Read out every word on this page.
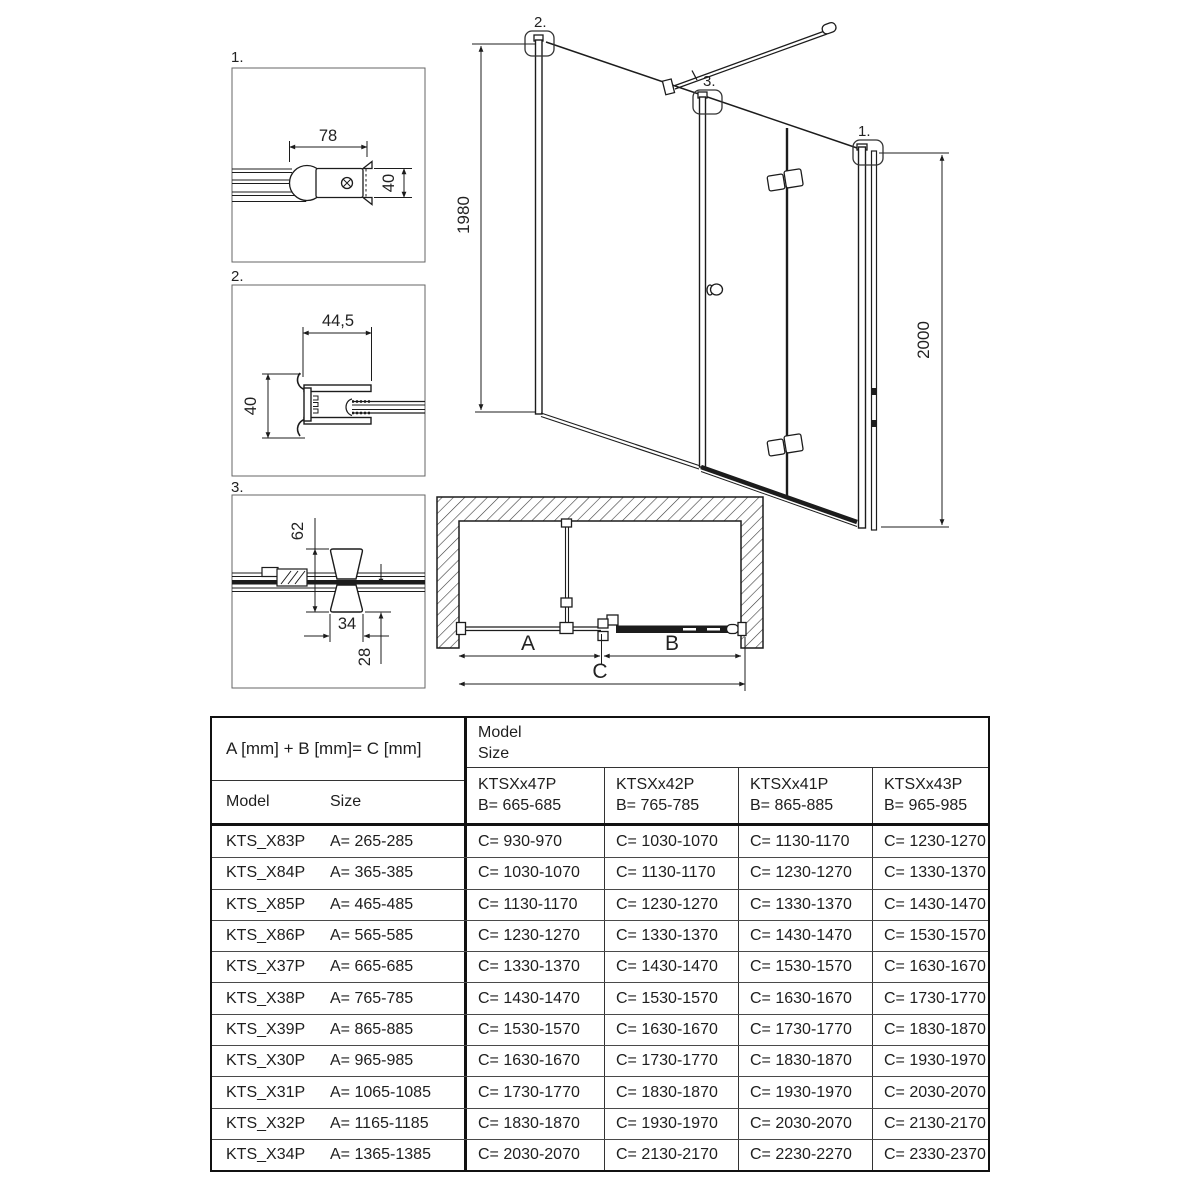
1.
78
40
2.
44,5
40
3.
62
34
28
1980
2000
2.
3.
1.
A	B
C
A [mm] + B [mm]= C [mm]
Model	Size
Model
Size
KTSXx47P
B= 665-685
KTSXx42P
B= 765-785
KTSXx41P
B= 865-885
KTSXx43P
B= 965-985
KTS_X83P	A= 265-285	C= 930-970	C= 1030-1070	C= 1130-1170	C= 1230-1270
KTS_X84P	A= 365-385	C= 1030-1070	C= 1130-1170	C= 1230-1270	C= 1330-1370
KTS_X85P	A= 465-485	C= 1130-1170	C= 1230-1270	C= 1330-1370	C= 1430-1470
KTS_X86P	A= 565-585	C= 1230-1270	C= 1330-1370	C= 1430-1470	C= 1530-1570
KTS_X37P	A= 665-685	C= 1330-1370	C= 1430-1470	C= 1530-1570	C= 1630-1670
KTS_X38P	A= 765-785	C= 1430-1470	C= 1530-1570	C= 1630-1670	C= 1730-1770
KTS_X39P	A= 865-885	C= 1530-1570	C= 1630-1670	C= 1730-1770	C= 1830-1870
KTS_X30P	A= 965-985	C= 1630-1670	C= 1730-1770	C= 1830-1870	C= 1930-1970
KTS_X31P	A= 1065-1085	C= 1730-1770	C= 1830-1870	C= 1930-1970	C= 2030-2070
KTS_X32P	A= 1165-1185	C= 1830-1870	C= 1930-1970	C= 2030-2070	C= 2130-2170
KTS_X34P	A= 1365-1385	C= 2030-2070	C= 2130-2170	C= 2230-2270	C= 2330-2370
